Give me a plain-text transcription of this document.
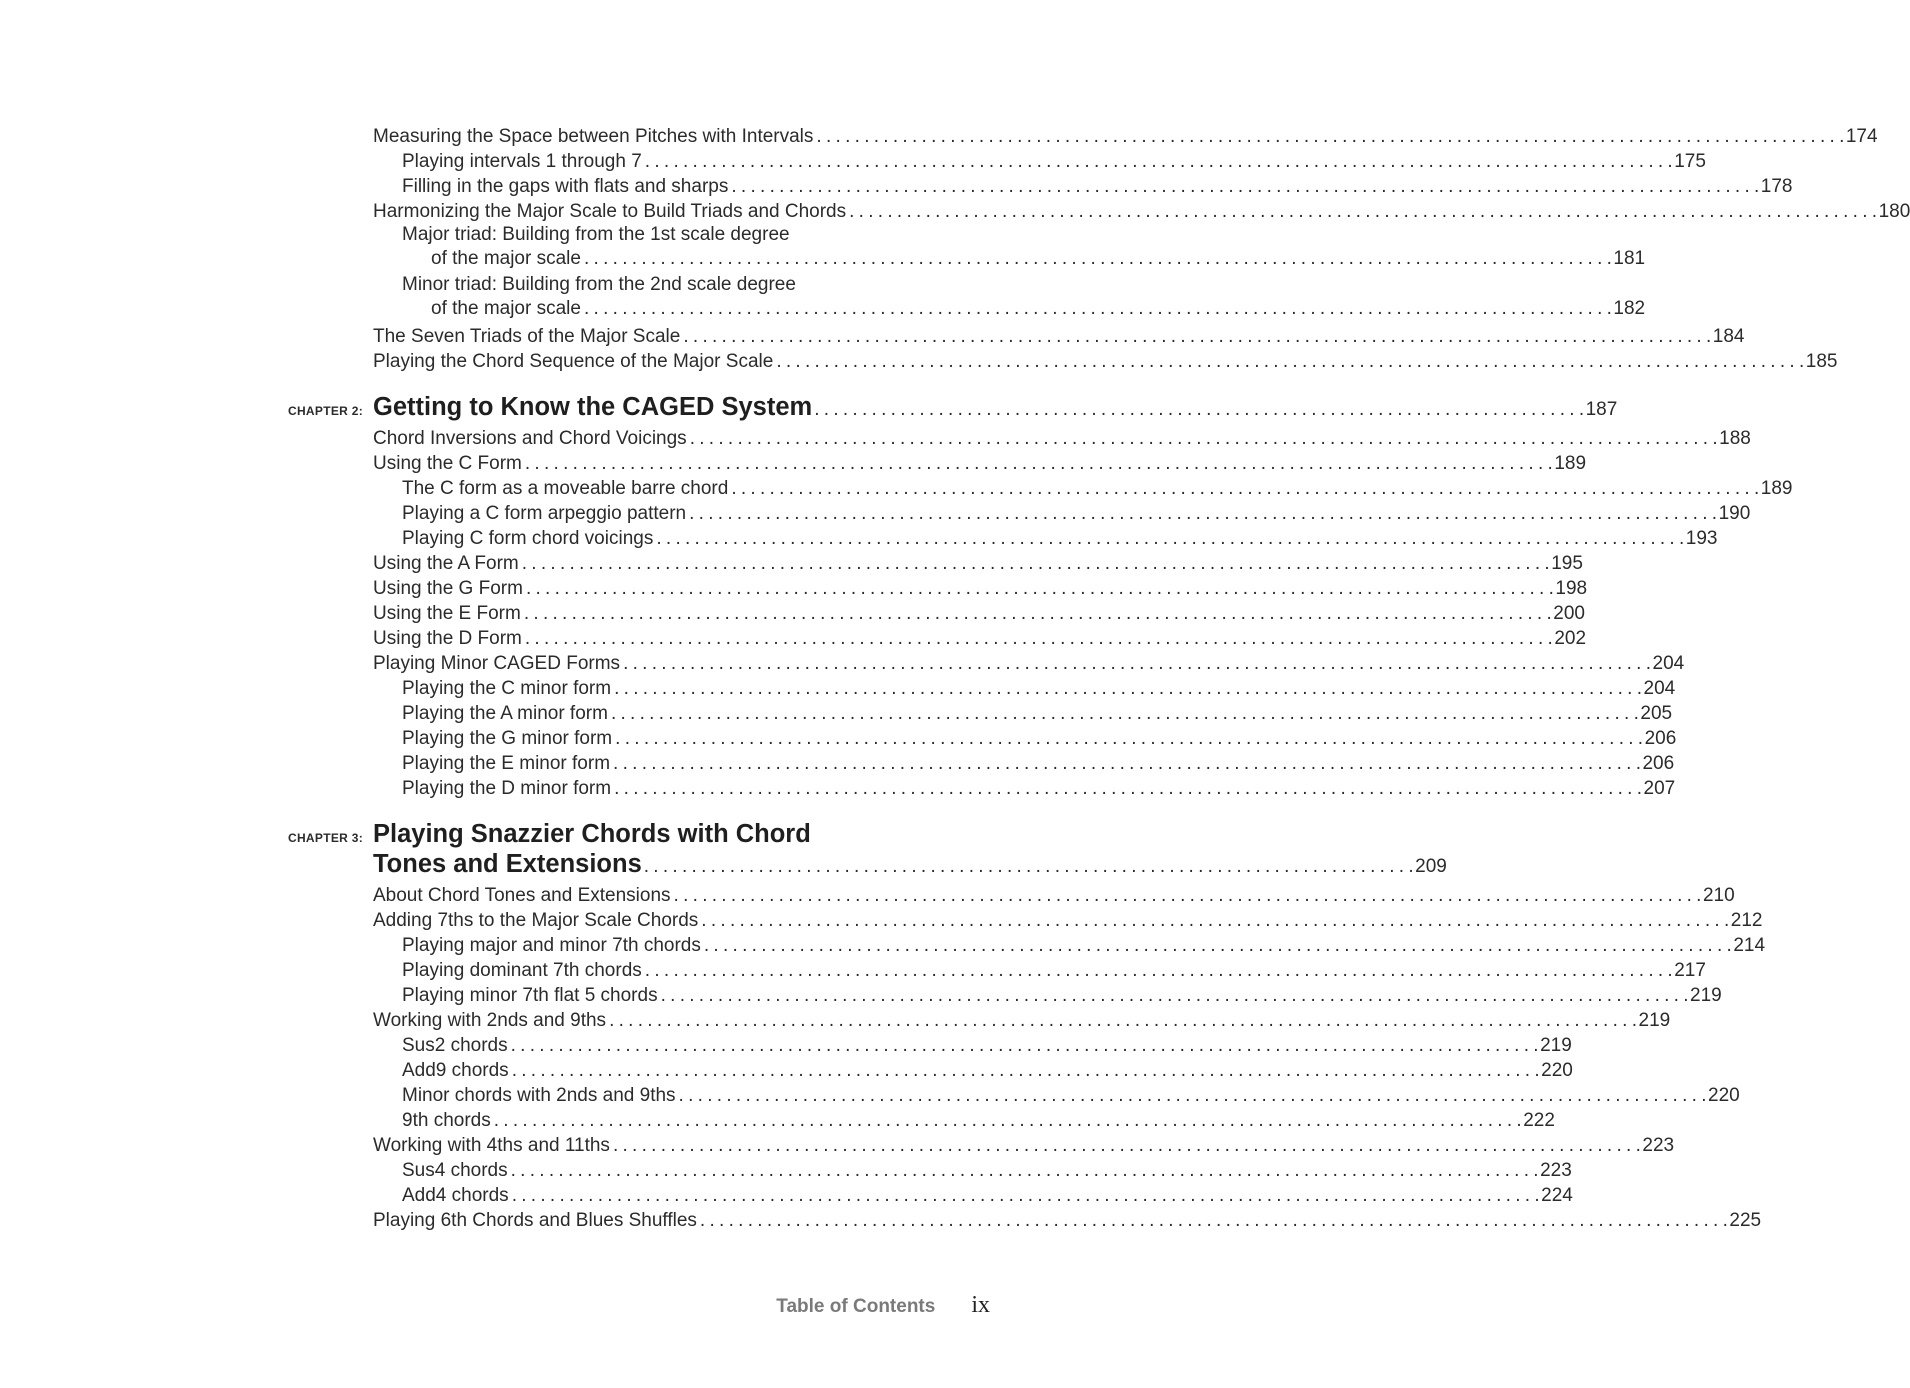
Measuring the Space between Pitches with Intervals . . .	174
Playing intervals 1 through 7 . . .	175
Filling in the gaps with flats and sharps . . .	178
Harmonizing the Major Scale to Build Triads and Chords . . .	180
Major triad: Building from the 1st scale degree
of the major scale . . .	181
Minor triad: Building from the 2nd scale degree
of the major scale . . .	182
The Seven Triads of the Major Scale . . .	184
Playing the Chord Sequence of the Major Scale . . .	185
CHAPTER 2: Getting to Know the CAGED System . . .	187
Chord Inversions and Chord Voicings . . .	188
Using the C Form . . .	189
The C form as a moveable barre chord . . .	189
Playing a C form arpeggio pattern . . .	190
Playing C form chord voicings . . .	193
Using the A Form . . .	195
Using the G Form . . .	198
Using the E Form . . .	200
Using the D Form . . .	202
Playing Minor CAGED Forms . . .	204
Playing the C minor form . . .	204
Playing the A minor form . . .	205
Playing the G minor form . . .	206
Playing the E minor form . . .	206
Playing the D minor form . . .	207
CHAPTER 3: Playing Snazzier Chords with Chord
Tones and Extensions . . .	209
About Chord Tones and Extensions . . .	210
Adding 7ths to the Major Scale Chords . . .	212
Playing major and minor 7th chords . . .	214
Playing dominant 7th chords . . .	217
Playing minor 7th flat 5 chords . . .	219
Working with 2nds and 9ths . . .	219
Sus2 chords . . .	219
Add9 chords . . .	220
Minor chords with 2nds and 9ths . . .	220
9th chords . . .	222
Working with 4ths and 11ths . . .	223
Sus4 chords . . .	223
Add4 chords . . .	224
Playing 6th Chords and Blues Shuffles . . .	225
Table of Contents ix
